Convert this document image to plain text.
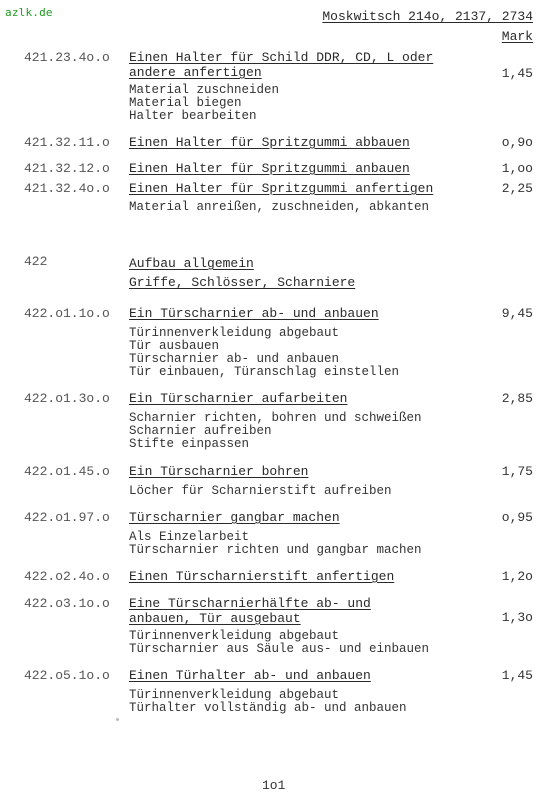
azlk.de	Moskwitsch 214o, 2137, 2734
Mark
421.23.4o.o Einen Halter für Schild DDR, CD, L oder
andere anfertigen	1,45
Material zuschneiden
Material biegen
Halter bearbeiten
421.32.11.o Einen Halter für Spritzgummi abbauen	o,9o
421.32.12.o Einen Halter für Spritzgummi anbauen	1,oo
421.32.4o.o Einen Halter für Spritzgummi anfertigen	2,25
Material anreißen, zuschneiden, abkanten
422	Aufbau allgemein
Griffe, Schlösser, Scharniere
422.o1.1o.o Ein Türscharnier ab- und anbauen	9,45
Türinnenverkleidung abgebaut
Tür ausbauen
Türscharnier ab- und anbauen
Tür einbauen, Türanschlag einstellen
422.o1.3o.o Ein Türscharnier aufarbeiten	2,85
Scharnier richten, bohren und schweißen
Scharnier aufreiben
Stifte einpassen
422.o1.45.o Ein Türscharnier bohren	1,75
Löcher für Scharnierstift aufreiben
422.o1.97.o Türscharnier gangbar machen	o,95
Als Einzelarbeit
Türscharnier richten und gangbar machen
422.o2.4o.o Einen Türscharnierstift anfertigen	1,2o
422.o3.1o.o Eine Türscharnierhälfte ab- und
anbauen, Tür ausgebaut	1,3o
Türinnenverkleidung abgebaut
Türscharnier aus Säule aus- und einbauen
422.o5.1o.o Einen Türhalter ab- und anbauen	1,45
Türinnenverkleidung abgebaut
Türhalter vollständig ab- und anbauen
1o1
